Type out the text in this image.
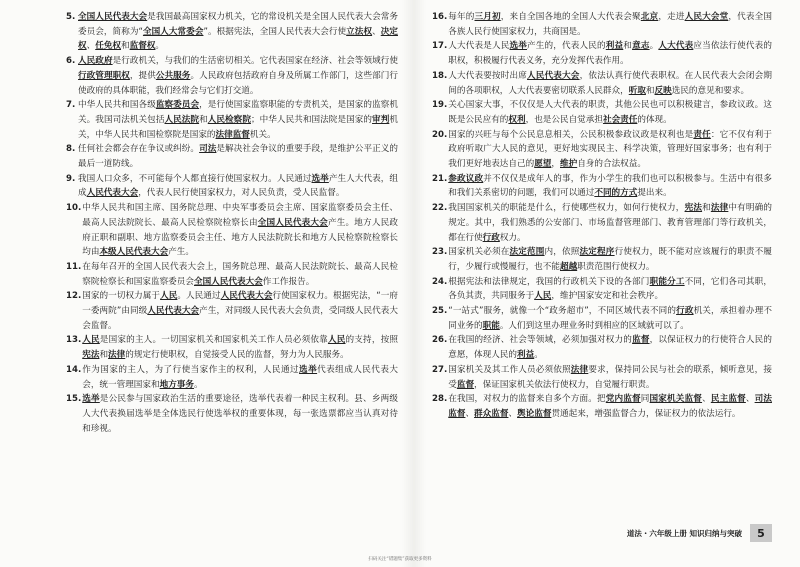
5. 全国人民代表大会是我国最高国家权力机关，它的常设机关是全国人民代表大会常务委员会，简称为“全国人大常委会”。根据宪法，全国人民代表大会行使立法权、决定权、任免权和监督权。
6. 人民政府是行政机关，与我们的生活密切相关。它代表国家在经济、社会等领域行使行政管理职权，提供公共服务。人民政府包括政府自身及所属工作部门，这些部门行使政府的具体职能，我们经常会与它们打交道。
7. 中华人民共和国各级监察委员会，是行使国家监察职能的专责机关，是国家的监察机关。我国司法机关包括人民法院和人民检察院；中华人民共和国法院是国家的审判机关，中华人民共和国检察院是国家的法律监督机关。
8. 任何社会都会存在争议或纠纷。司法是解决社会争议的重要手段，是维护公平正义的最后一道防线。
9. 我国人口众多，不可能每个人都直接行使国家权力。人民通过选举产生人大代表，组成人民代表大会，代表人民行使国家权力，对人民负责，受人民监督。
10. 中华人民共和国主席、国务院总理、中央军事委员会主席、国家监察委员会主任、最高人民法院院长、最高人民检察院检察长由全国人民代表大会产生。地方人民政府正职和副职、地方监察委员会主任、地方人民法院院长和地方人民检察院检察长均由本级人民代表大会产生。
11. 在每年召开的全国人民代表大会上，国务院总理、最高人民法院院长、最高人民检察院检察长和国家监察委员会全国人民代表大会作工作报告。
12. 国家的一切权力属于人民。人民通过人民代表大会行使国家权力。根据宪法，“一府一委两院”由同级人民代表大会产生，对同级人民代表大会负责，受同级人民代表大会监督。
13. 人民是国家的主人。一切国家机关和国家机关工作人员必须依靠人民的支持，按照宪法和法律的规定行使职权，自觉接受人民的监督，努力为人民服务。
14. 作为国家的主人，为了行使当家作主的权利，人民通过选举代表组成人民代表大会，统一管理国家和地方事务。
15. 选举是公民参与国家政治生活的重要途径，选举代表着一种民主权利。县、乡两级人大代表换届选举是全体选民行使选举权的重要体现，每一张选票都应当认真对待和珍视。
16. 每年的三月初，来自全国各地的全国人大代表会聚北京，走进人民大会堂，代表全国各族人民行使国家权力，共商国是。
17. 人大代表是人民选举产生的，代表人民的利益和意志。人大代表应当依法行使代表的职权，积极履行代表义务，充分发挥代表作用。
18. 人大代表要按时出席人民代表大会，依法认真行使代表职权。在人民代表大会闭会期间的各项职权，人大代表要密切联系人民群众，听取和反映选民的意见和要求。
19. 关心国家大事，不仅仅是人大代表的职责，其他公民也可以积极建言，参政议政。这既是公民应有的权利，也是公民自觉承担社会责任的体现。
20. 国家的兴旺与每个公民息息相关，公民积极参政议政是权利也是责任：它不仅有利于政府听取广大人民的意见，更好地实现民主、科学决策，管理好国家事务；也有利于我们更好地表达自己的愿望，维护自身的合法权益。
21. 参政议政并不仅仅是成年人的事，作为小学生的我们也可以积极参与。生活中有很多和我们关系密切的问题，我们可以通过不同的方式提出来。
22. 我国国家机关的职能是什么，行使哪些权力，如何行使权力，宪法和法律中有明确的规定。其中，我们熟悉的公安部门、市场监督管理部门、教育管理部门等行政机关，都在行使行政权力。
23. 国家机关必须在法定范围内，依照法定程序行使权力，既不能对应该履行的职责不履行，少履行或慢履行，也不能超越职责范围行使权力。
24. 根据宪法和法律规定，我国的行政机关下设的各部门职能分工不同，它们各司其职，各负其责，共同服务于人民，维护国家安定和社会秩序。
25. “一站式”服务，就像一个“政务超市”，不同区域代表不同的行政机关，承担着办理不同业务的职能。人们到这里办理业务时到相应的区域就可以了。
26. 在我国的经济、社会等领域，必须加强对权力的监督，以保证权力的行使符合人民的意愿，体现人民的利益。
27. 国家机关及其工作人员必须依照法律要求，保持同公民与社会的联系，倾听意见，接受监督，保证国家机关依法行使权力，自觉履行职责。
28. 在我国，对权力的监督来自多个方面。把党内监督同国家机关监督、民主监督、司法监督、群众监督、舆论监督贯通起来，增强监督合力，保证权力的依法运行。
道法・六年级上册 知识归纳与突破	5
扫码关注“错题集”获取更多资料
